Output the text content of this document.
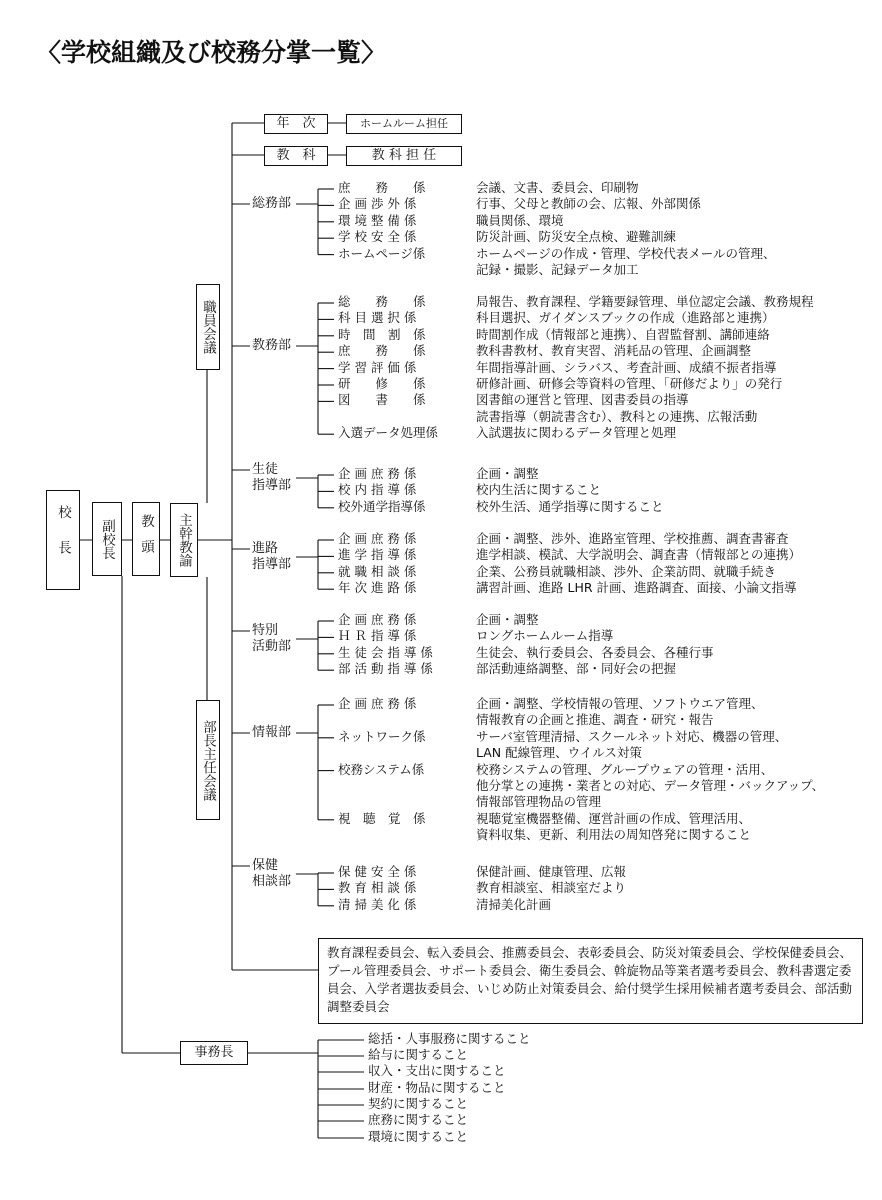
〈学校組織及び校務分掌一覧〉
校長 副校長 教頭 主幹教諭
職員会議
部長主任会議
年　次	ホームルーム担任
教　科	教 科 担 任
総務部
庶　　務　　係	会議、文書、委員会、印刷物
企 画 渉 外 係	行事、父母と教師の会、広報、外部関係
環 境 整 備 係	職員関係、環境
学 校 安 全 係	防災計画、防災安全点検、避難訓練
ホームページ係	ホームページの作成・管理、学校代表メールの管理、
記録・撮影、記録データ加工
教務部
総　　務　　係	局報告、教育課程、学籍要録管理、単位認定会議、教務規程
科 目 選 択 係	科目選択、ガイダンスブックの作成（進路部と連携）
時　間　割　係	時間割作成（情報部と連携）、自習監督割、講師連絡
庶　　務　　係	教科書教材、教育実習、消耗品の管理、企画調整
学 習 評 価 係	年間指導計画、シラバス、考査計画、成績不振者指導
研　　修　　係	研修計画、研修会等資料の管理、「研修だより」の発行
図　　書　　係	図書館の運営と管理、図書委員の指導
読書指導（朝読書含む）、教科との連携、広報活動
入選データ処理係	入試選抜に関わるデータ管理と処理
生徒
指導部
企 画 庶 務 係	企画・調整
校 内 指 導 係	校内生活に関すること
校外通学指導係	校外生活、通学指導に関すること
進路
指導部
企 画 庶 務 係	企画・調整、渉外、進路室管理、学校推薦、調査書審査
進 学 指 導 係	進学相談、模試、大学説明会、調査書（情報部との連携）
就 職 相 談 係	企業、公務員就職相談、渉外、企業訪問、就職手続き
年 次 進 路 係	講習計画、進路 LHR 計画、進路調査、面接、小論文指導
特別
活動部
企 画 庶 務 係	企画・調整
Ｈ Ｒ 指 導 係	ロングホームルーム指導
生 徒 会 指 導 係	生徒会、執行委員会、各委員会、各種行事
部 活 動 指 導 係	部活動連絡調整、部・同好会の把握
情報部
企 画 庶 務 係	企画・調整、学校情報の管理、ソフトウエア管理、
情報教育の企画と推進、調査・研究・報告
ネットワーク係	サーバ室管理清掃、スクールネット対応、機器の管理、
LAN 配線管理、ウイルス対策
校務システム係	校務システムの管理、グループウェアの管理・活用、
他分掌との連携・業者との対応、データ管理・バックアップ、
情報部管理物品の管理
視　聴　覚　係	視聴覚室機器整備、運営計画の作成、管理活用、
資料収集、更新、利用法の周知啓発に関すること
保健
相談部
保 健 安 全 係	保健計画、健康管理、広報
教 育 相 談 係	教育相談室、相談室だより
清 掃 美 化 係	清掃美化計画
教育課程委員会、転入委員会、推薦委員会、表彰委員会、防災対策委員会、学校保健委員会、プール管理委員会、サポート委員会、衛生委員会、斡旋物品等業者選考委員会、教科書選定委員会、入学者選抜委員会、いじめ防止対策委員会、給付奨学生採用候補者選考委員会、部活動調整委員会
事務長
総括・人事服務に関すること
給与に関すること
収入・支出に関すること
財産・物品に関すること
契約に関すること
庶務に関すること
環境に関すること
